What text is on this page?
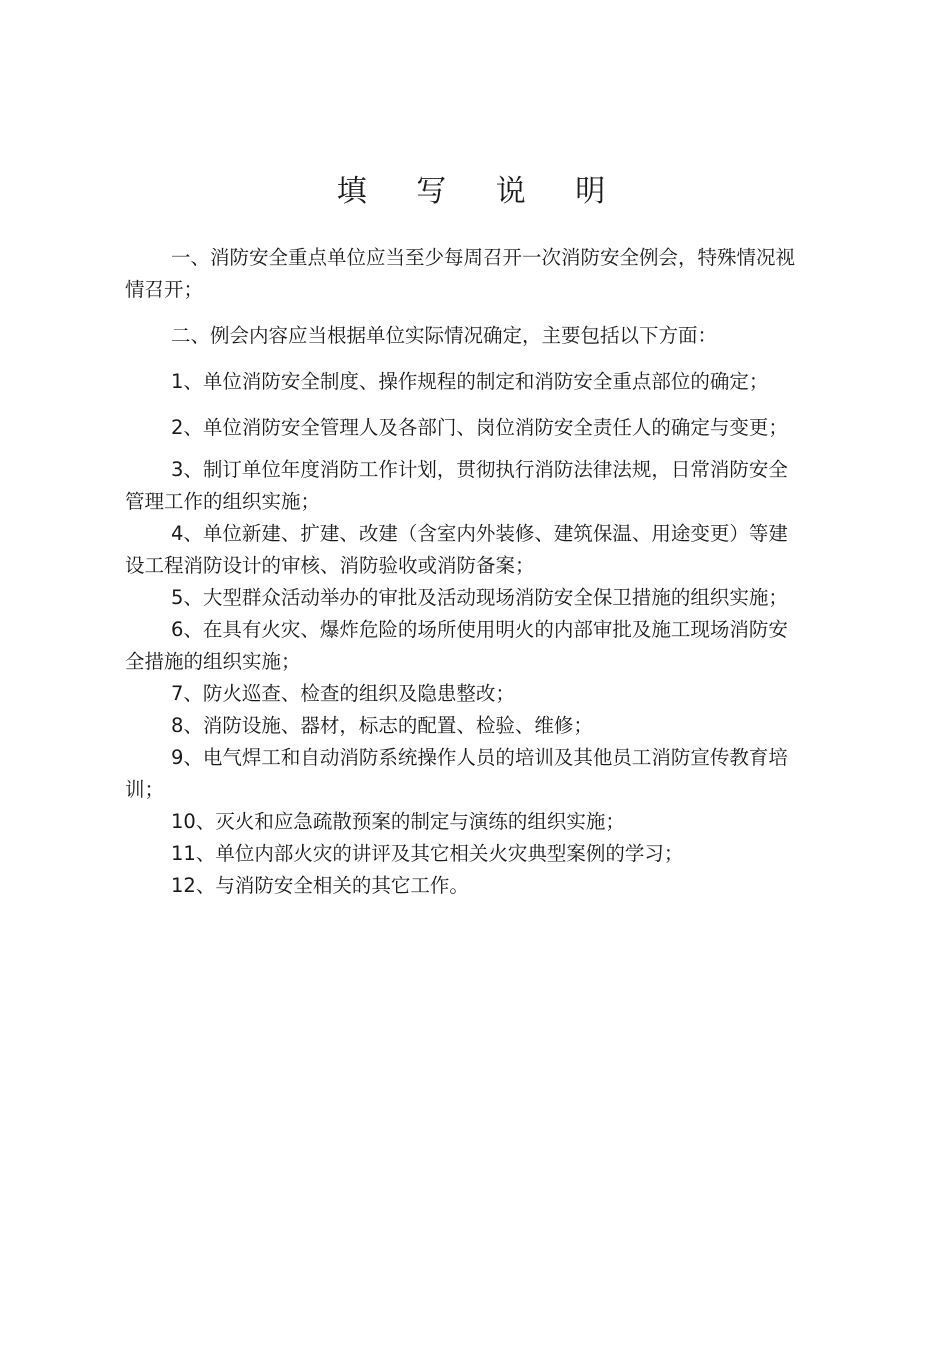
填 写 说 明

一、消防安全重点单位应当至少每周召开一次消防安全例会，特殊情况视情召开；

二、例会内容应当根据单位实际情况确定，主要包括以下方面：

1、单位消防安全制度、操作规程的制定和消防安全重点部位的确定；

2、单位消防安全管理人及各部门、岗位消防安全责任人的确定与变更；

3、制订单位年度消防工作计划，贯彻执行消防法律法规，日常消防安全管理工作的组织实施；

4、单位新建、扩建、改建（含室内外装修、建筑保温、用途变更）等建设工程消防设计的审核、消防验收或消防备案；

5、大型群众活动举办的审批及活动现场消防安全保卫措施的组织实施；

6、在具有火灾、爆炸危险的场所使用明火的内部审批及施工现场消防安全措施的组织实施；

7、防火巡查、检查的组织及隐患整改；

8、消防设施、器材，标志的配置、检验、维修；

9、电气焊工和自动消防系统操作人员的培训及其他员工消防宣传教育培训；

10、灭火和应急疏散预案的制定与演练的组织实施；

11、单位内部火灾的讲评及其它相关火灾典型案例的学习；

12、与消防安全相关的其它工作。
